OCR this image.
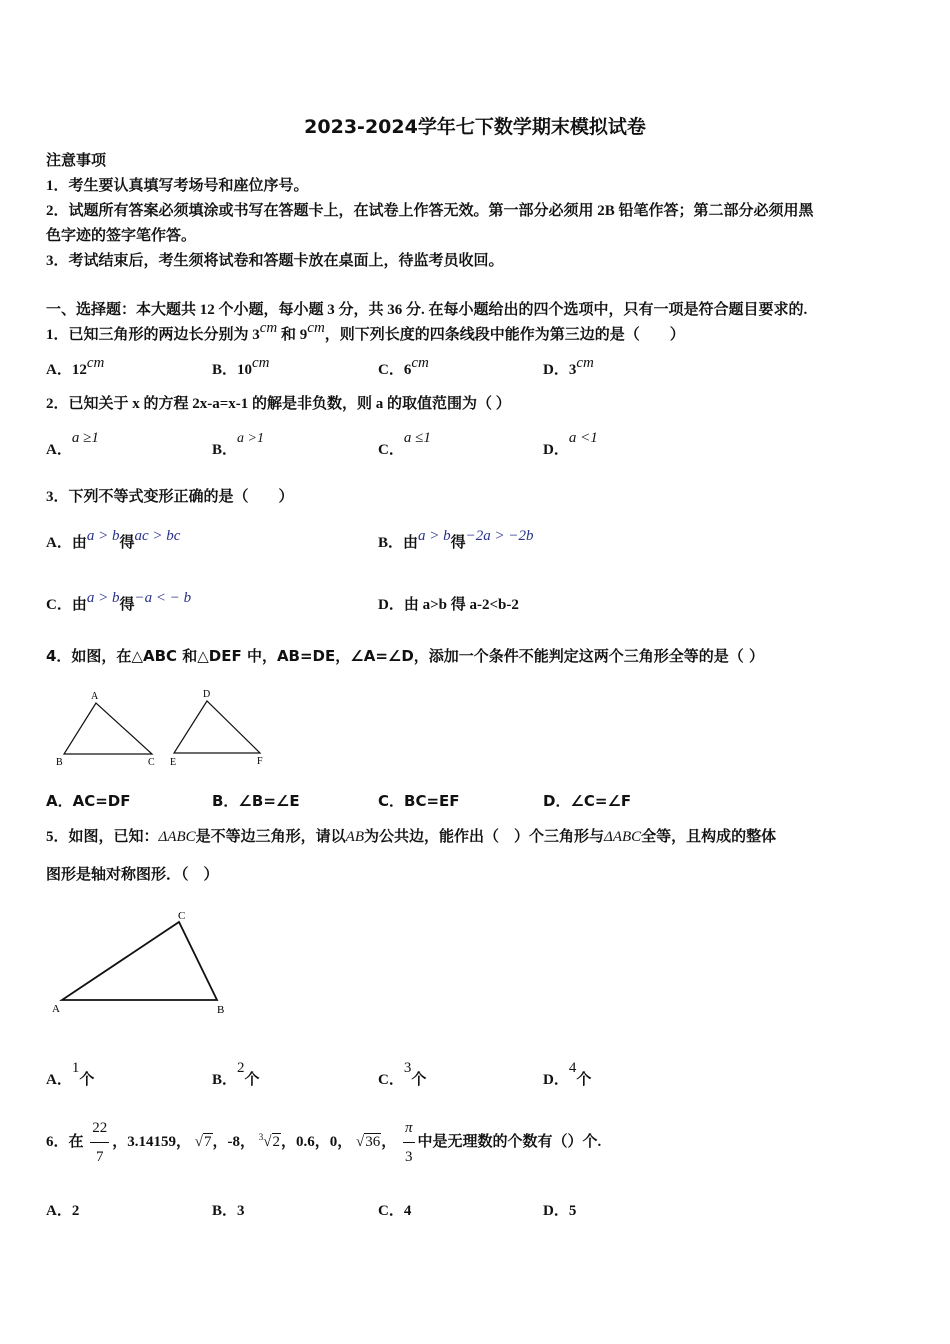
2023-2024学年七下数学期末模拟试卷
注意事项
1．考生要认真填写考场号和座位序号。
2．试题所有答案必须填涂或书写在答题卡上，在试卷上作答无效。第一部分必须用 2B 铅笔作答；第二部分必须用黑
色字迹的签字笔作答。
3．考试结束后，考生须将试卷和答题卡放在桌面上，待监考员收回。
一、选择题：本大题共 12 个小题，每小题 3 分，共 36 分. 在每小题给出的四个选项中，只有一项是符合题目要求的.
1．已知三角形的两边长分别为 3cm 和 9cm，则下列长度的四条线段中能作为第三边的是（　　）
A．12cm	B．10cm	C．6cm	D．3cm
2．已知关于 x 的方程 2x-a=x-1 的解是非负数，则 a 的取值范围为（ ）
A．a ≥1
B．a >1
C．a ≤1
D．a <1
3．下列不等式变形正确的是（　　）
A．由a > b得ac > bc	B．由a > b得−2a > −2b
C．由a > b得−a < − b	D．由 a>b 得 a-2<b-2
4．如图，在△ABC 和△DEF 中，AB=DE，∠A=∠D，添加一个条件不能判定这两个三角形全等的是（ ）
A
B	C
D
E	F
A．AC=DF	B．∠B=∠E	C．BC=EF	D．∠C=∠F
5．如图，已知：ΔABC是不等边三角形，请以AB为公共边，能作出（　）个三角形与ΔABC全等，且构成的整体
图形是轴对称图形．（　）
A
C
B
A．1个	B．2个	C．3个	D．4个
6．在 $\frac{22}{7}$ ，3.14159， √7，-8， $^3$√2，0.6，0， √36， $\frac{\pi}{3}$ 中是无理数的个数有（）个.
A．2	B．3	C．4	D．5
